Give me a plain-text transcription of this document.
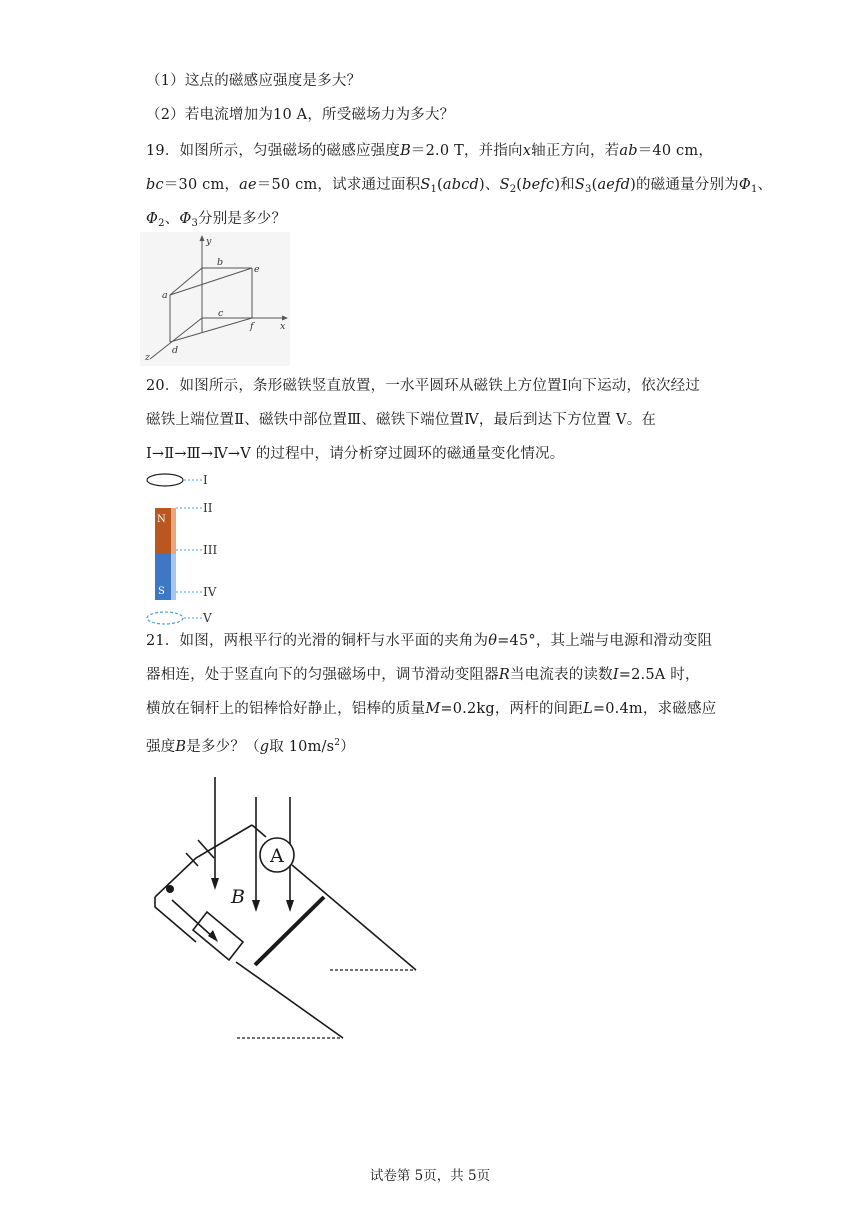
（1）这点的磁感应强度是多大？
（2）若电流增加为10 A，所受磁场力为多大？
19．如图所示，匀强磁场的磁感应强度B＝2.0 T，并指向x轴正方向，若ab＝40 cm，
bc＝30 cm，ae＝50 cm，试求通过面积$S_1(abcd)$、$S_2(befc)$和$S_3(aefd)$的磁通量分别为$\Phi_1$、
$\Phi_2$、$\Phi_3$分别是多少？
y
b
e
a
c
f	x
z
d
20．如图所示，条形磁铁竖直放置，一水平圆环从磁铁上方位置Ⅰ向下运动，依次经过
磁铁上端位置Ⅱ、磁铁中部位置Ⅲ、磁铁下端位置Ⅳ，最后到达下方位置 V。在
Ⅰ→Ⅱ→Ⅲ→Ⅳ→V 的过程中，请分析穿过圆环的磁通量变化情况。
I
N
S
II
III
IV
V
21．如图，两根平行的光滑的铜杆与水平面的夹角为θ=45°，其上端与电源和滑动变阻
器相连，处于竖直向下的匀强磁场中，调节滑动变阻器R当电流表的读数I=2.5A 时，
横放在铜杆上的铝棒恰好静止，铝棒的质量M=0.2kg，两杆的间距L=0.4m，求磁感应
强度B是多少？（g取 $10m/s^2$）
A
B
试卷第 5页，共 5页
